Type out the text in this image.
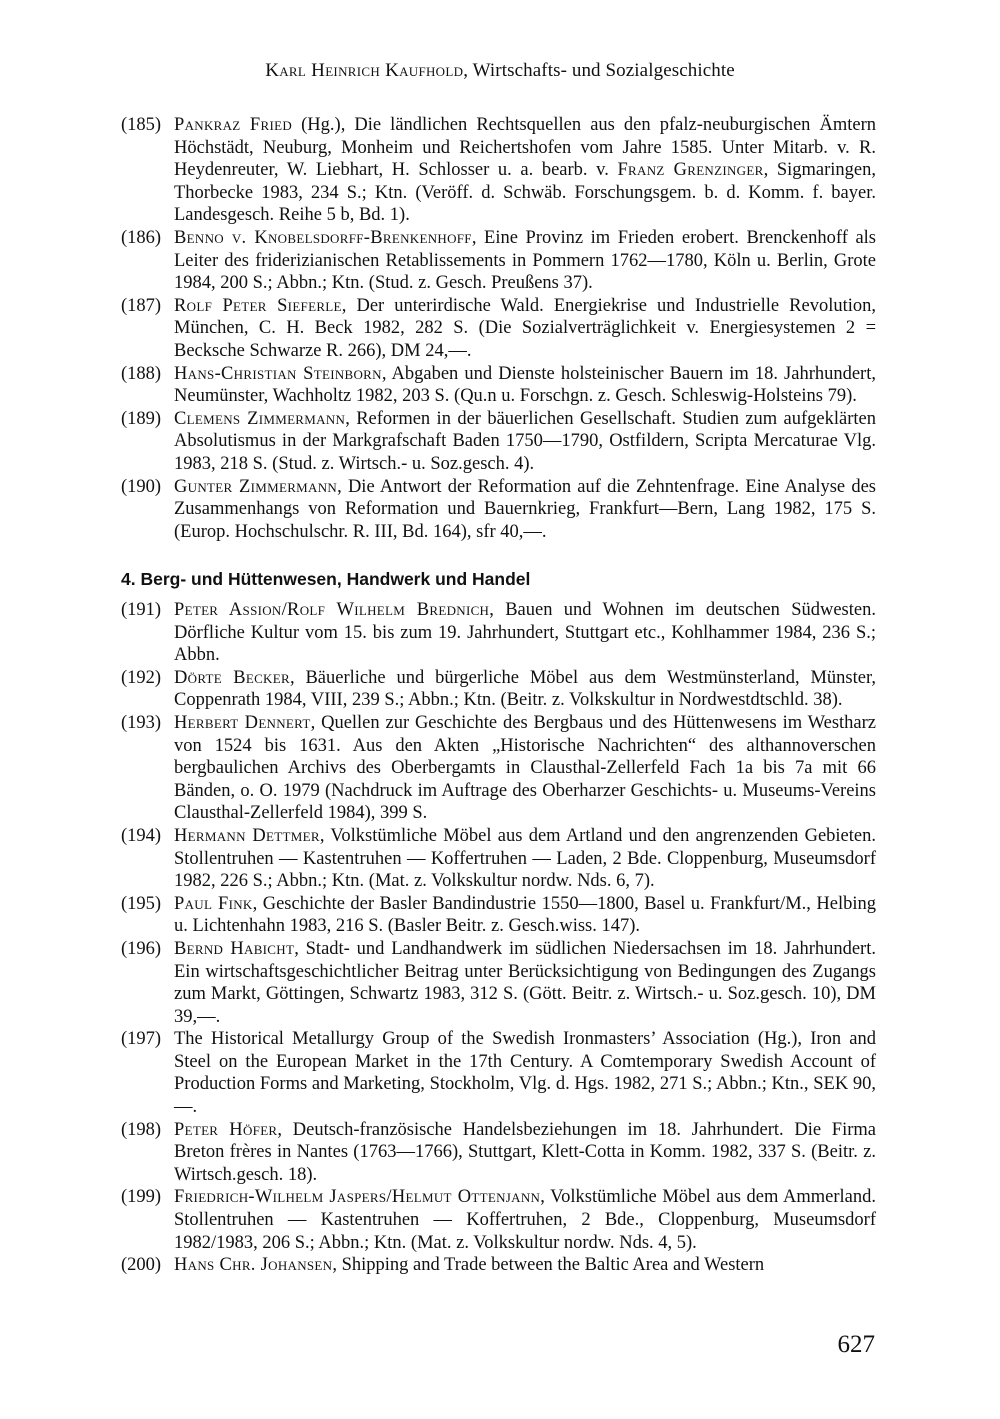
Karl Heinrich Kaufhold, Wirtschafts- und Sozialgeschichte
(185) Pankraz Fried (Hg.), Die ländlichen Rechtsquellen aus den pfalz-neuburgischen Ämtern Höchstädt, Neuburg, Monheim und Reichertshofen vom Jahre 1585. Unter Mitarb. v. R. Heydenreuter, W. Liebhart, H. Schlosser u. a. bearb. v. Franz Grenzinger, Sigmaringen, Thorbecke 1983, 234 S.; Ktn. (Veröff. d. Schwäb. Forschungsgem. b. d. Komm. f. bayer. Landesgesch. Reihe 5 b, Bd. 1).
(186) Benno v. Knobelsdorff-Brenkenhoff, Eine Provinz im Frieden erobert. Brenckenhoff als Leiter des friderizianischen Retablissements in Pommern 1762—1780, Köln u. Berlin, Grote 1984, 200 S.; Abbn.; Ktn. (Stud. z. Gesch. Preußens 37).
(187) Rolf Peter Sieferle, Der unterirdische Wald. Energiekrise und Industrielle Revolution, München, C. H. Beck 1982, 282 S. (Die Sozialverträglichkeit v. Energiesystemen 2 = Becksche Schwarze R. 266), DM 24,—.
(188) Hans-Christian Steinborn, Abgaben und Dienste holsteinischer Bauern im 18. Jahrhundert, Neumünster, Wachholtz 1982, 203 S. (Qu.n u. Forschgn. z. Gesch. Schleswig-Holsteins 79).
(189) Clemens Zimmermann, Reformen in der bäuerlichen Gesellschaft. Studien zum aufgeklärten Absolutismus in der Markgrafschaft Baden 1750—1790, Ostfildern, Scripta Mercaturae Vlg. 1983, 218 S. (Stud. z. Wirtsch.- u. Soz.gesch. 4).
(190) Gunter Zimmermann, Die Antwort der Reformation auf die Zehntenfrage. Eine Analyse des Zusammenhangs von Reformation und Bauernkrieg, Frankfurt—Bern, Lang 1982, 175 S. (Europ. Hochschulschr. R. III, Bd. 164), sfr 40,—.
4. Berg- und Hüttenwesen, Handwerk und Handel
(191) Peter Assion/Rolf Wilhelm Brednich, Bauen und Wohnen im deutschen Südwesten. Dörfliche Kultur vom 15. bis zum 19. Jahrhundert, Stuttgart etc., Kohlhammer 1984, 236 S.; Abbn.
(192) Dörte Becker, Bäuerliche und bürgerliche Möbel aus dem Westmünsterland, Münster, Coppenrath 1984, VIII, 239 S.; Abbn.; Ktn. (Beitr. z. Volkskultur in Nordwestdtschld. 38).
(193) Herbert Dennert, Quellen zur Geschichte des Bergbaus und des Hüttenwesens im Westharz von 1524 bis 1631. Aus den Akten „Historische Nachrichten“ des althannoverschen bergbaulichen Archivs des Oberbergamts in Clausthal-Zellerfeld Fach 1a bis 7a mit 66 Bänden, o. O. 1979 (Nachdruck im Auftrage des Oberharzer Geschichts- u. Museums-Vereins Clausthal-Zellerfeld 1984), 399 S.
(194) Hermann Dettmer, Volkstümliche Möbel aus dem Artland und den angrenzenden Gebieten. Stollentruhen — Kastentruhen — Koffertruhen — Laden, 2 Bde. Cloppenburg, Museumsdorf 1982, 226 S.; Abbn.; Ktn. (Mat. z. Volkskultur nordw. Nds. 6, 7).
(195) Paul Fink, Geschichte der Basler Bandindustrie 1550—1800, Basel u. Frankfurt/M., Helbing u. Lichtenhahn 1983, 216 S. (Basler Beitr. z. Gesch.wiss. 147).
(196) Bernd Habicht, Stadt- und Landhandwerk im südlichen Niedersachsen im 18. Jahrhundert. Ein wirtschaftsgeschichtlicher Beitrag unter Berücksichtigung von Bedingungen des Zugangs zum Markt, Göttingen, Schwartz 1983, 312 S. (Gött. Beitr. z. Wirtsch.- u. Soz.gesch. 10), DM 39,—.
(197) The Historical Metallurgy Group of the Swedish Ironmasters’ Association (Hg.), Iron and Steel on the European Market in the 17th Century. A Comtemporary Swedish Account of Production Forms and Marketing, Stockholm, Vlg. d. Hgs. 1982, 271 S.; Abbn.; Ktn., SEK 90,—.
(198) Peter Höfer, Deutsch-französische Handelsbeziehungen im 18. Jahrhundert. Die Firma Breton frères in Nantes (1763—1766), Stuttgart, Klett-Cotta in Komm. 1982, 337 S. (Beitr. z. Wirtsch.gesch. 18).
(199) Friedrich-Wilhelm Jaspers/Helmut Ottenjann, Volkstümliche Möbel aus dem Ammerland. Stollentruhen — Kastentruhen — Koffertruhen, 2 Bde., Cloppenburg, Museumsdorf 1982/1983, 206 S.; Abbn.; Ktn. (Mat. z. Volkskultur nordw. Nds. 4, 5).
(200) Hans Chr. Johansen, Shipping and Trade between the Baltic Area and Western
627
